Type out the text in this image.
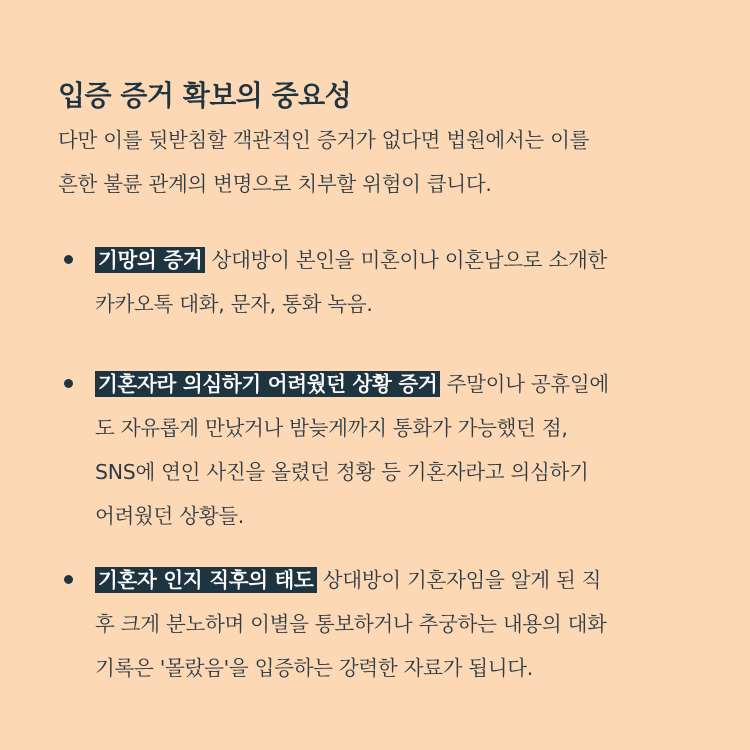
입증 증거 확보의 중요성
다만 이를 뒷받침할 객관적인 증거가 없다면 법원에서는 이를
흔한 불륜 관계의 변명으로 치부할 위험이 큽니다.
기망의 증거 상대방이 본인을 미혼이나 이혼남으로 소개한
카카오톡 대화, 문자, 통화 녹음.
기혼자라 의심하기 어려웠던 상황 증거 주말이나 공휴일에
도 자유롭게 만났거나 밤늦게까지 통화가 가능했던 점,
SNS에 연인 사진을 올렸던 정황 등 기혼자라고 의심하기
어려웠던 상황들.
기혼자 인지 직후의 태도 상대방이 기혼자임을 알게 된 직
후 크게 분노하며 이별을 통보하거나 추궁하는 내용의 대화
기록은 '몰랐음'을 입증하는 강력한 자료가 됩니다.
